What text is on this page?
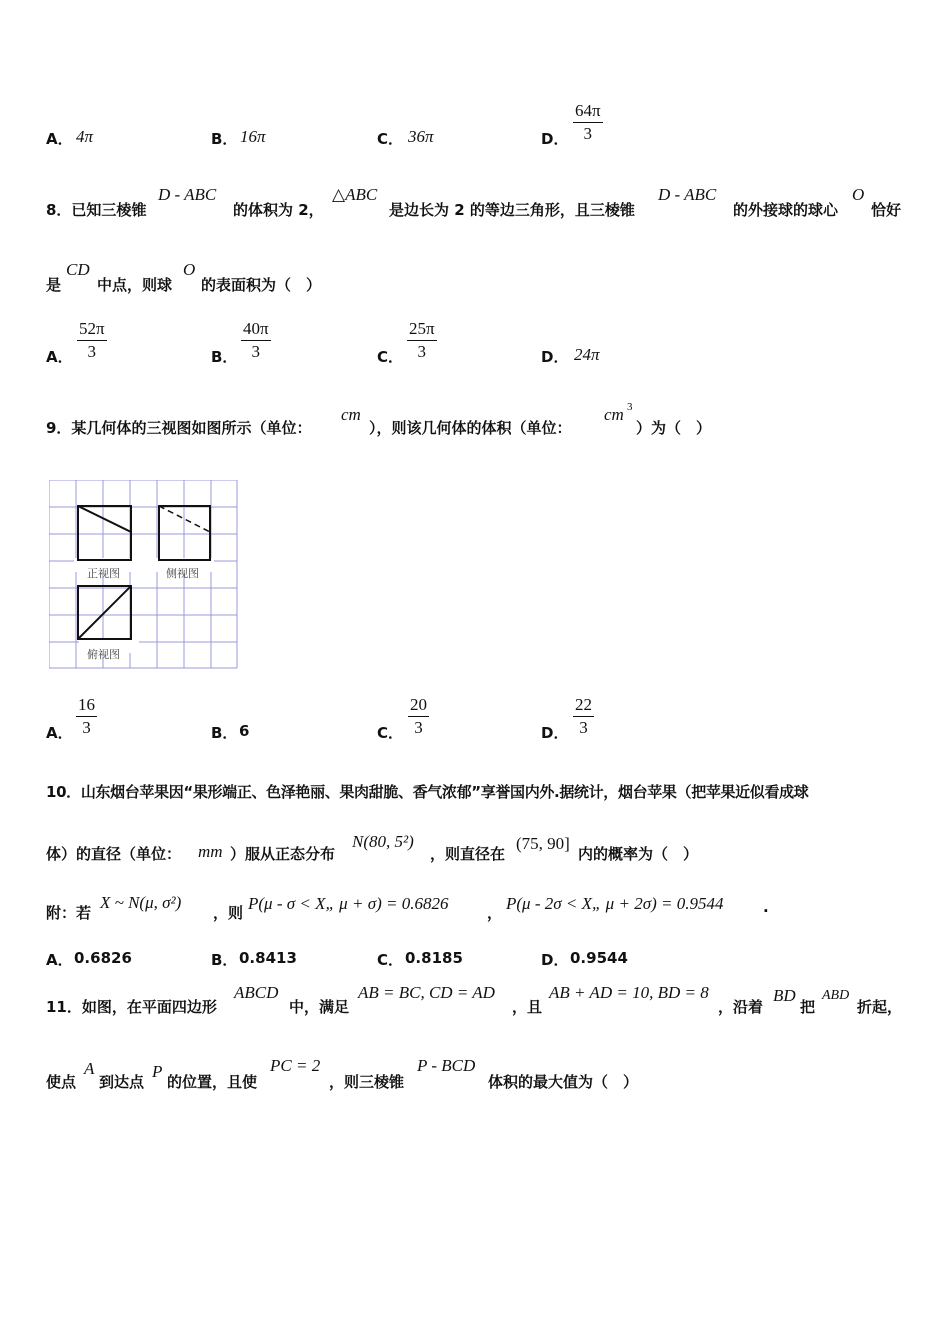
A． 4π	B． 16π	C． 36π	D． $\frac{64\pi}{3}$
8．已知三棱锥
D - ABC
的体积为 2，
△ABC
是边长为 2 的等边三角形，且三棱锥
D - ABC
的外接球的球心
O
恰好
是
CD
中点，则球
O
的表面积为（　）
A． $\frac{52\pi}{3}$	B． $\frac{40\pi}{3}$	C． $\frac{25\pi}{3}$	D． 24π
9．某几何体的三视图如图所示（单位：
cm
），则该几何体的体积（单位：
cm 3
）为（　）
正视图	侧视图
俯视图
A． $\frac{16}{3}$	B． 6	C． $\frac{20}{3}$	D． $\frac{22}{3}$
10．山东烟台苹果因“果形端正、色泽艳丽、果肉甜脆、香气浓郁”享誉国内外.据统计，烟台苹果（把苹果近似看成球
体）的直径（单位： mm ）服从正态分布
N(80, 5²)
，则直径在
(75, 90]
内的概率为（　）
附：若
X ~ N(μ, σ²)
，则 P(μ - σ < X„ μ + σ) = 0.6826	， P(μ - 2σ < X„ μ + 2σ) = 0.9544	.
A． 0.6826	B． 0.8413	C． 0.8185	D． 0.9544
11．如图，在平面四边形
ABCD
中，满足
AB = BC, CD = AD
，且
AB + AD = 10, BD = 8
，沿着
BD
把
ABD
折起，
使点
A
到达点
P
的位置，且使
PC = 2
，则三棱锥
P - BCD
体积的最大值为（　）
